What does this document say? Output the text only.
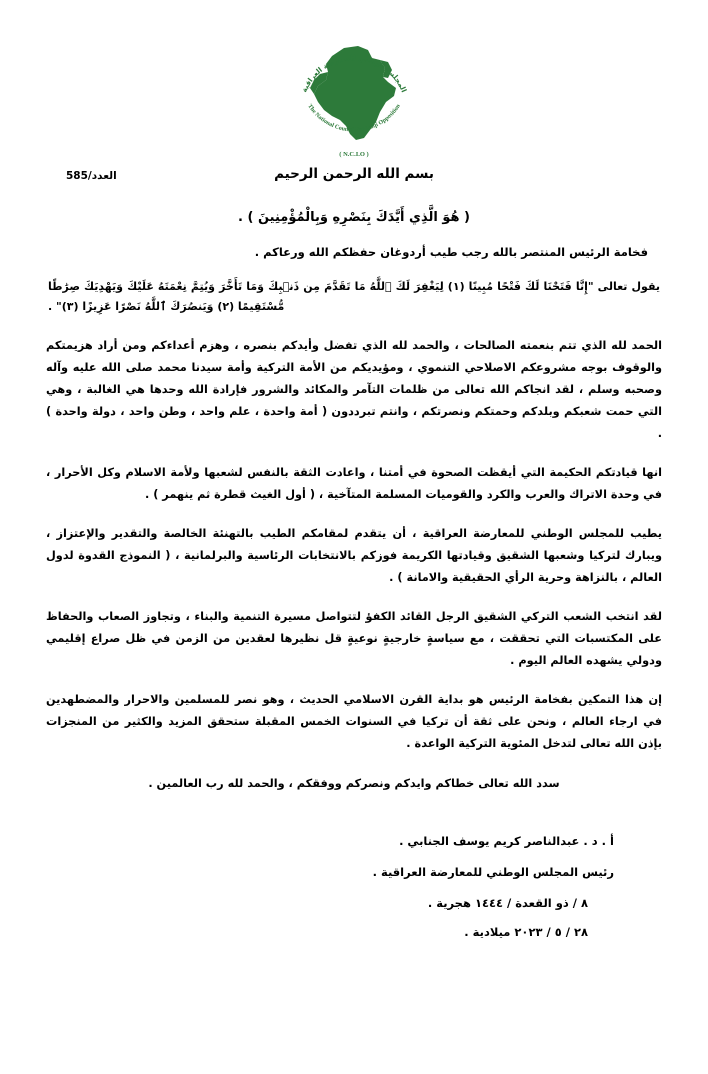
المجلس الوطني للمعارضة العراقية
The National Council For Iraqi Opposition
( N.C.I.O )
بسم الله الرحمن الرحيم
العدد/585
( هُوَ الَّذِي أَيَّدَكَ بِنَصْرِهِ وَبِالْمُؤْمِنِينَ ) .
فخامة الرئيس المنتصر بالله رجب طيب أردوغان حفظكم الله ورعاكم .
يقول تعالى "إِنَّا فَتَحْنَا لَكَ فَتْحًا مُبِينًا (١) لِيَغْفِرَ لَكَ ٱللَّهُ مَا تَقَدَّمَ مِن ذَنۢبِكَ وَمَا تَأَخَّرَ وَيُتِمَّ نِعْمَتَهُ عَلَيْكَ وَيَهْدِيَكَ صِرَٰطًا مُّسْتَقِيمًا (٢) وَيَنصُرَكَ ٱللَّهُ نَصْرًا عَزِيزًا (٣)" .

الحمد لله الذي تتم بنعمته الصالحات ، والحمد لله الذي تفضل وأيدكم بنصره ، وهزم أعداءكم ومن أراد هزيمتكم والوقوف بوجه مشروعكم الاصلاحي التنموي ، ومؤيديكم من الأمة التركية وأمة سيدنا محمد صلى الله عليه وآله وصحبه وسلم ، لقد انجاكم الله تعالى من ظلمات التآمر والمكائد والشرور فإرادة الله وحدها هي الغالبة ، وهي التي حمت شعبكم وبلدكم وحمتكم ونصرتكم ، وانتم تبرددون ( أمة واحدة ، علم واحد ، وطن واحد ، دولة واحدة ) .

انها قيادتكم الحكيمة التي أيقظت الصحوة في أمتنا ، واعادت الثقة بالنفس لشعبها ولأمة الاسلام وكل الأحرار ، في وحدة الاتراك والعرب والكرد والقوميات المسلمة المتآخية ، ( أول الغيث قطرة ثم ينهمر ) .

يطيب للمجلس الوطني للمعارضة العراقية ، أن يتقدم لمقامكم الطيب بالتهنئة الخالصة والتقدير والإعتزاز ، ويبارك لتركيا وشعبها الشقيق وقيادتها الكريمة فوزكم بالانتخابات الرئاسية والبرلمانية ، ( النموذج القدوة لدول العالم ، بالنزاهة وحرية الرأي الحقيقية والامانة ) .

لقد انتخب الشعب التركي الشقيق الرجل القائد الكفؤ لتتواصل مسيرة التنمية والبناء ، وتجاوز الصعاب والحفاظ على المكتسبات التي تحققت ، مع سياسةٍ خارجيةٍ نوعيةٍ قل نظيرها لعقدين من الزمن في ظل صراع إقليمي ودولي يشهده العالم اليوم .

إن هذا التمكين بفخامة الرئيس هو بداية القرن الاسلامي الحديث ، وهو نصر للمسلمين والاحرار والمضطهدين في ارجاء العالم ، ونحن على ثقة أن تركيا في السنوات الخمس المقبلة ستحقق المزيد والكثير من المنجزات بإذن الله تعالى لتدخل المئوية التركية الواعدة .

سدد الله تعالى خطاكم وايدكم ونصركم ووفقكم ، والحمد لله رب العالمين .
أ . د . عبدالناصر كريم يوسف الجنابي .
رئيس المجلس الوطني للمعارضة العراقية .
٨ / ذو القعدة / ١٤٤٤ هجرية .
٢٨ / ٥ / ٢٠٢٣ ميلادية .
